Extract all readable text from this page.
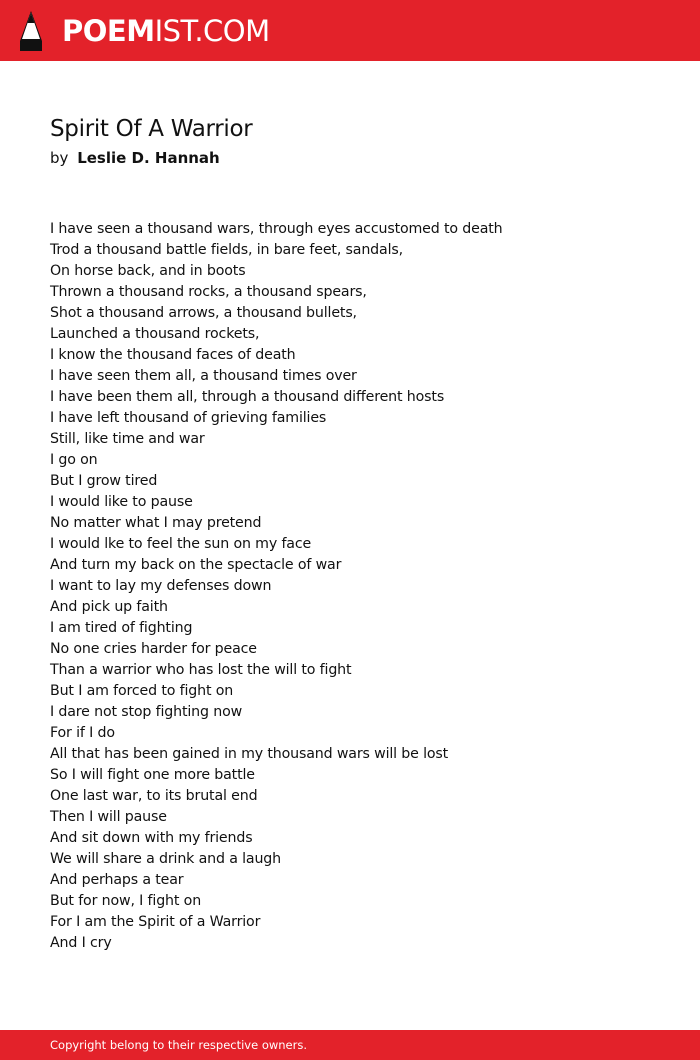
POEMIST.COM
Spirit Of A Warrior
by Leslie D. Hannah
I have seen a thousand wars, through eyes accustomed to death
Trod a thousand battle fields, in bare feet, sandals,
On horse back, and in boots
Thrown a thousand rocks, a thousand spears,
Shot a thousand arrows, a thousand bullets,
Launched a thousand rockets,
I know the thousand faces of death
I have seen them all, a thousand times over
I have been them all, through a thousand different hosts
I have left thousand of grieving families
Still, like time and war
I go on
But I grow tired
I would like to pause
No matter what I may pretend
I would lke to feel the sun on my face
And turn my back on the spectacle of war
I want to lay my defenses down
And pick up faith
I am tired of fighting
No one cries harder for peace
Than a warrior who has lost the will to fight
But I am forced to fight on
I dare not stop fighting now
For if I do
All that has been gained in my thousand wars will be lost
So I will fight one more battle
One last war, to its brutal end
Then I will pause
And sit down with my friends
We will share a drink and a laugh
And perhaps a tear
But for now, I fight on
For I am the Spirit of a Warrior
And I cry
Copyright belong to their respective owners.
